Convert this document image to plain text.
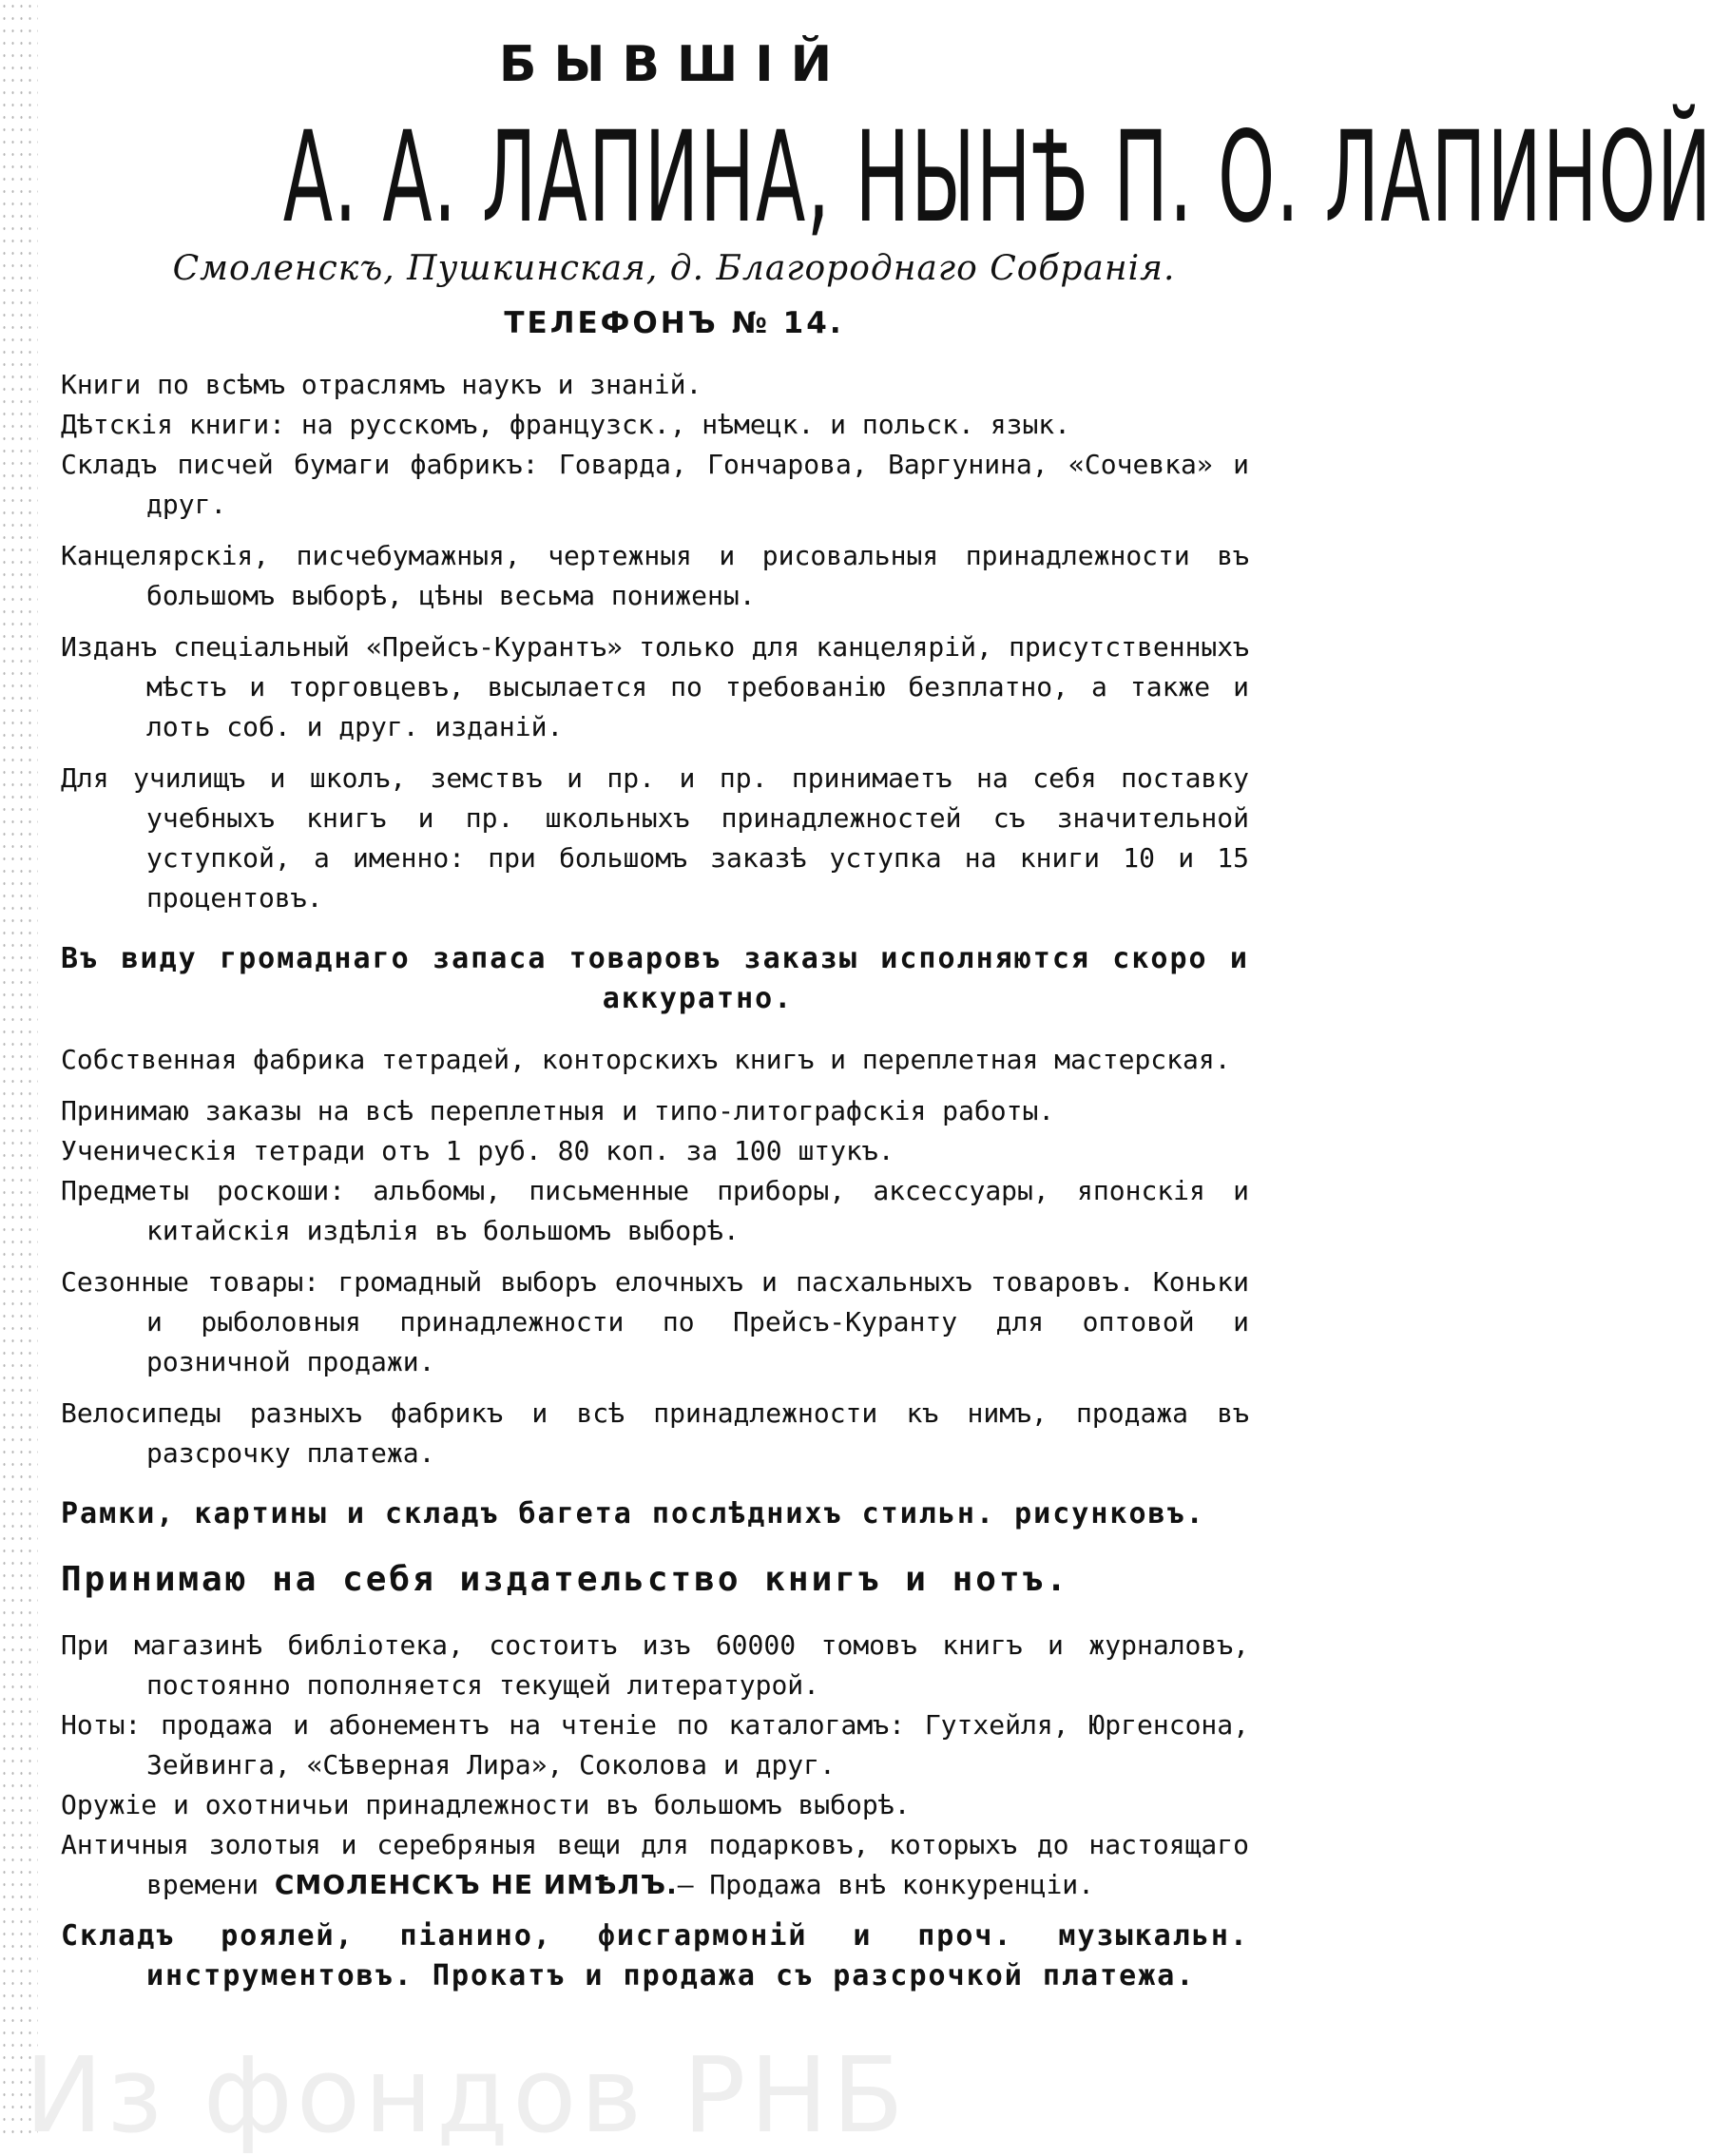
БЫВШІЙ
А. А. ЛАПИНА, НЫНѢ П. О. ЛАПИНОЙ
Смоленскъ, Пушкинская, д. Благороднаго Собранія.
ТЕЛЕФОНЪ № 14.
Книги по всѣмъ отраслямъ наукъ и знаній.
Дѣтскія книги: на русскомъ, французск., нѣмецк. и польск. язык.
Складъ писчей бумаги фабрикъ: Говарда, Гончарова, Варгунина, «Сочевка» и друг.
Канцелярскія, писчебумажныя, чертежныя и рисовальныя принадлежности въ большомъ выборѣ, цѣны весьма понижены.
Изданъ спеціальный «Прейсъ-Курантъ» только для канцелярій, присутственныхъ мѣстъ и торговцевъ, высылается по требованію безплатно, а также и лоть соб. и друг. изданій.
Для училищъ и школъ, земствъ и пр. и пр. принимаетъ на себя поставку учебныхъ книгъ и пр. школьныхъ принадлежностей съ значительной уступкой, а именно: при большомъ заказѣ уступка на книги 10 и 15 процентовъ.
Въ виду громаднаго запаса товаровъ заказы исполняются скоро и аккуратно.
Собственная фабрика тетрадей, конторскихъ книгъ и переплетная мастерская.
Принимаю заказы на всѣ переплетныя и типо-литографскія работы.
Ученическія тетради отъ 1 руб. 80 коп. за 100 штукъ.
Предметы роскоши: альбомы, письменные приборы, аксессуары, японскія и китайскія издѣлія въ большомъ выборѣ.
Сезонные товары: громадный выборъ елочныхъ и пасхальныхъ товаровъ. Коньки и рыболовныя принадлежности по Прейсъ-Куранту для оптовой и розничной продажи.
Велосипеды разныхъ фабрикъ и всѣ принадлежности къ нимъ, продажа въ разсрочку платежа.
Рамки, картины и складъ багета послѣднихъ стильн. рисунковъ.
Принимаю на себя издательство книгъ и нотъ.
При магазинѣ библіотека, состоитъ изъ 60000 томовъ книгъ и журналовъ, постоянно пополняется текущей литературой.
Ноты: продажа и абонементъ на чтеніе по каталогамъ: Гутхейля, Юргенсона, Зейвинга, «Сѣверная Лира», Соколова и друг.
Оружіе и охотничьи принадлежности въ большомъ выборѣ.
Античныя золотыя и серебряныя вещи для подарковъ, которыхъ до настоящаго времени СМОЛЕНСКЪ НЕ ИМѢЛЪ.— Продажа внѣ конкуренціи.
Складъ роялей, піанино, фисгармоній и проч. музыкальн. инструментовъ. Прокатъ и продажа съ разсрочкой платежа.
Из фондов РНБ
